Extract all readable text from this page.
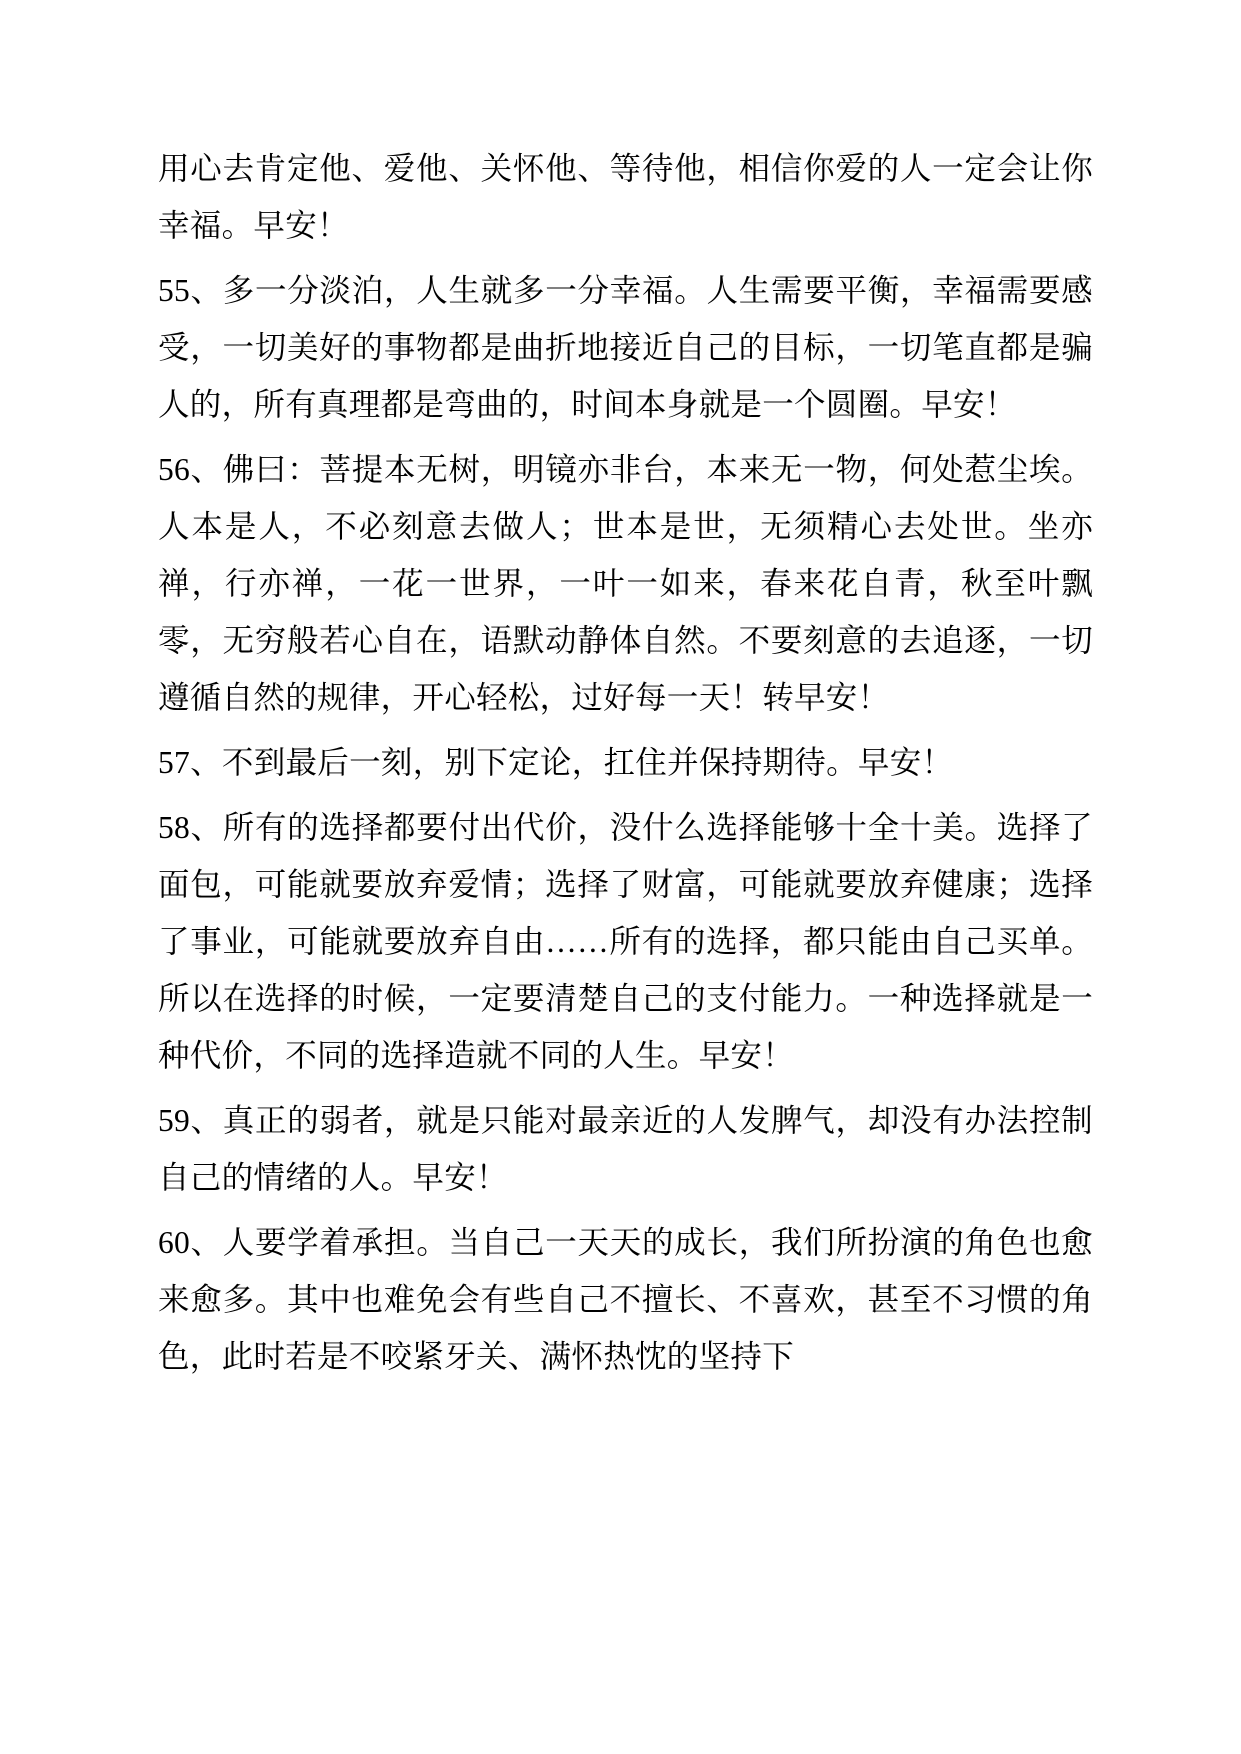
用心去肯定他、爱他、关怀他、等待他，相信你爱的人一定会让你幸福。早安！

55、多一分淡泊，人生就多一分幸福。人生需要平衡，幸福需要感受，一切美好的事物都是曲折地接近自己的目标，一切笔直都是骗人的，所有真理都是弯曲的，时间本身就是一个圆圈。早安！

56、佛曰：菩提本无树，明镜亦非台，本来无一物，何处惹尘埃。人本是人，不必刻意去做人；世本是世，无须精心去处世。坐亦禅，行亦禅，一花一世界，一叶一如来，春来花自青，秋至叶飘零，无穷般若心自在，语默动静体自然。不要刻意的去追逐，一切遵循自然的规律，开心轻松，过好每一天！转早安！

57、不到最后一刻，别下定论，扛住并保持期待。早安！

58、所有的选择都要付出代价，没什么选择能够十全十美。选择了面包，可能就要放弃爱情；选择了财富，可能就要放弃健康；选择了事业，可能就要放弃自由……所有的选择，都只能由自己买单。所以在选择的时候，一定要清楚自己的支付能力。一种选择就是一种代价，不同的选择造就不同的人生。早安！

59、真正的弱者，就是只能对最亲近的人发脾气，却没有办法控制自己的情绪的人。早安！

60、人要学着承担。当自己一天天的成长，我们所扮演的角色也愈来愈多。其中也难免会有些自己不擅长、不喜欢，甚至不习惯的角色，此时若是不咬紧牙关、满怀热忱的坚持下
